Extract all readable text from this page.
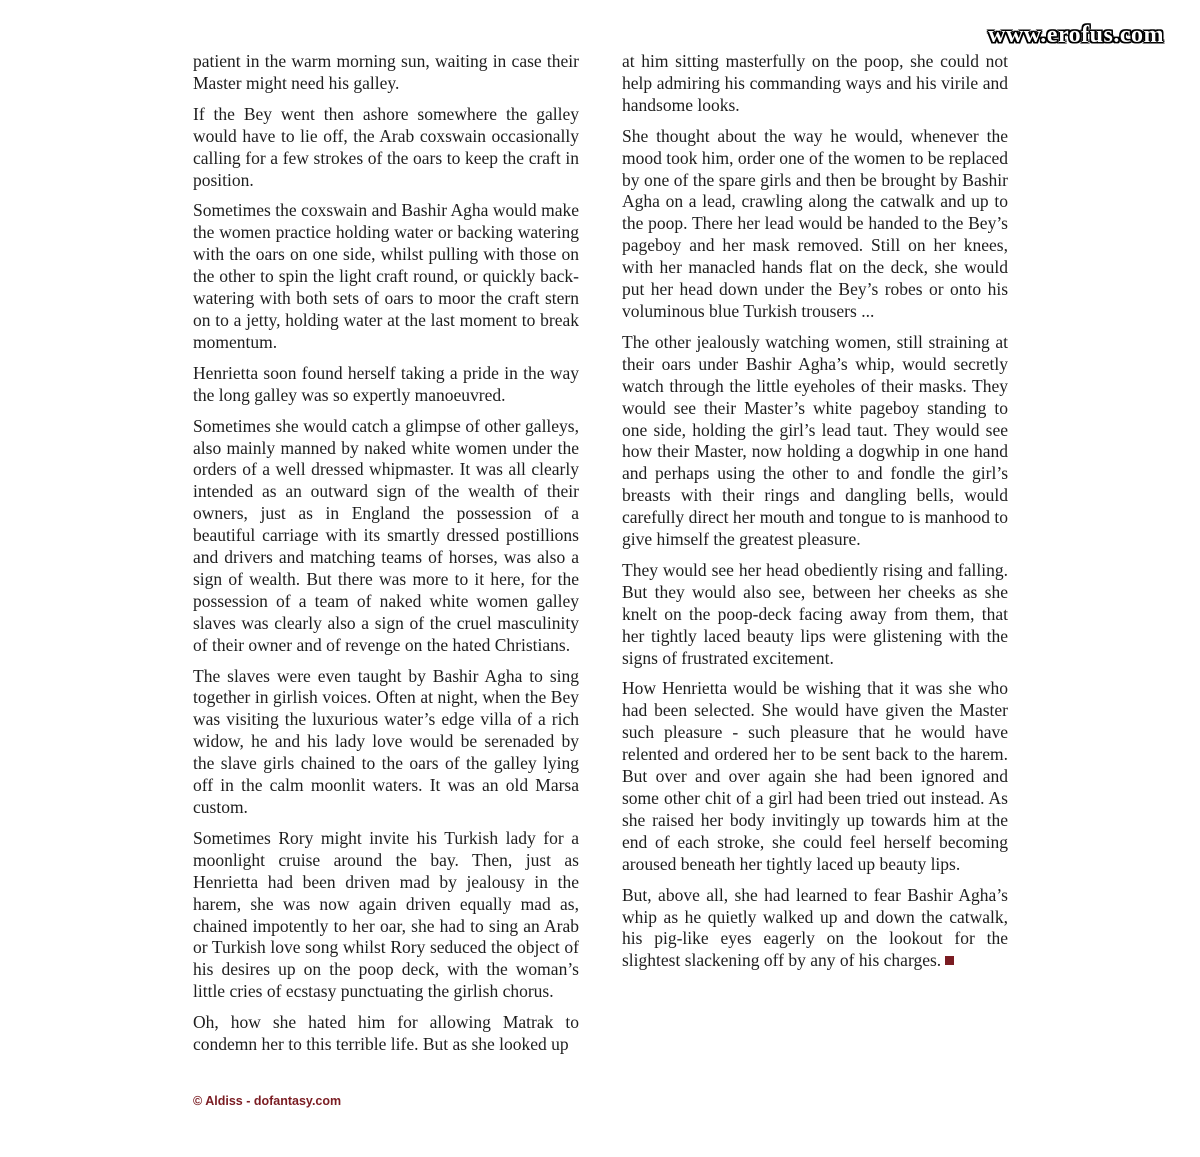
www.erofus.com

patient in the warm morning sun, waiting in case their Master might need his galley.

If the Bey went then ashore somewhere the galley would have to lie off, the Arab coxswain occasionally calling for a few strokes of the oars to keep the craft in position.

Sometimes the coxswain and Bashir Agha would make the women practice holding water or backing watering with the oars on one side, whilst pulling with those on the other to spin the light craft round, or quickly back-watering with both sets of oars to moor the craft stern on to a jetty, holding water at the last moment to break momentum.

Henrietta soon found herself taking a pride in the way the long galley was so expertly manoeuvred.

Sometimes she would catch a glimpse of other galleys, also mainly manned by naked white women under the orders of a well dressed whipmaster. It was all clearly intended as an outward sign of the wealth of their owners, just as in England the possession of a beautiful carriage with its smartly dressed postillions and drivers and matching teams of horses, was also a sign of wealth. But there was more to it here, for the possession of a team of naked white women galley slaves was clearly also a sign of the cruel masculinity of their owner and of revenge on the hated Christians.

The slaves were even taught by Bashir Agha to sing together in girlish voices. Often at night, when the Bey was visiting the luxurious water’s edge villa of a rich widow, he and his lady love would be serenaded by the slave girls chained to the oars of the galley lying off in the calm moonlit waters. It was an old Marsa custom.

Sometimes Rory might invite his Turkish lady for a moonlight cruise around the bay. Then, just as Henrietta had been driven mad by jealousy in the harem, she was now again driven equally mad as, chained impotently to her oar, she had to sing an Arab or Turkish love song whilst Rory seduced the object of his desires up on the poop deck, with the woman’s little cries of ecstasy punctuating the girlish chorus.

Oh, how she hated him for allowing Matrak to condemn her to this terrible life. But as she looked up

at him sitting masterfully on the poop, she could not help admiring his commanding ways and his virile and handsome looks.

She thought about the way he would, whenever the mood took him, order one of the women to be replaced by one of the spare girls and then be brought by Bashir Agha on a lead, crawling along the catwalk and up to the poop. There her lead would be handed to the Bey’s pageboy and her mask removed. Still on her knees, with her manacled hands flat on the deck, she would put her head down under the Bey’s robes or onto his voluminous blue Turkish trousers ...

The other jealously watching women, still straining at their oars under Bashir Agha’s whip, would secretly watch through the little eyeholes of their masks. They would see their Master’s white pageboy standing to one side, holding the girl’s lead taut. They would see how their Master, now holding a dogwhip in one hand and perhaps using the other to and fondle the girl’s breasts with their rings and dangling bells, would carefully direct her mouth and tongue to is manhood to give himself the greatest pleasure.

They would see her head obediently rising and falling. But they would also see, between her cheeks as she knelt on the poop-deck facing away from them, that her tightly laced beauty lips were glistening with the signs of frustrated excitement.

How Henrietta would be wishing that it was she who had been selected. She would have given the Master such pleasure - such pleasure that he would have relented and ordered her to be sent back to the harem. But over and over again she had been ignored and some other chit of a girl had been tried out instead. As she raised her body invitingly up towards him at the end of each stroke, she could feel herself becoming aroused beneath her tightly laced up beauty lips.

But, above all, she had learned to fear Bashir Agha’s whip as he quietly walked up and down the catwalk, his pig-like eyes eagerly on the lookout for the slightest slackening off by any of his charges.

© Aldiss - dofantasy.com
